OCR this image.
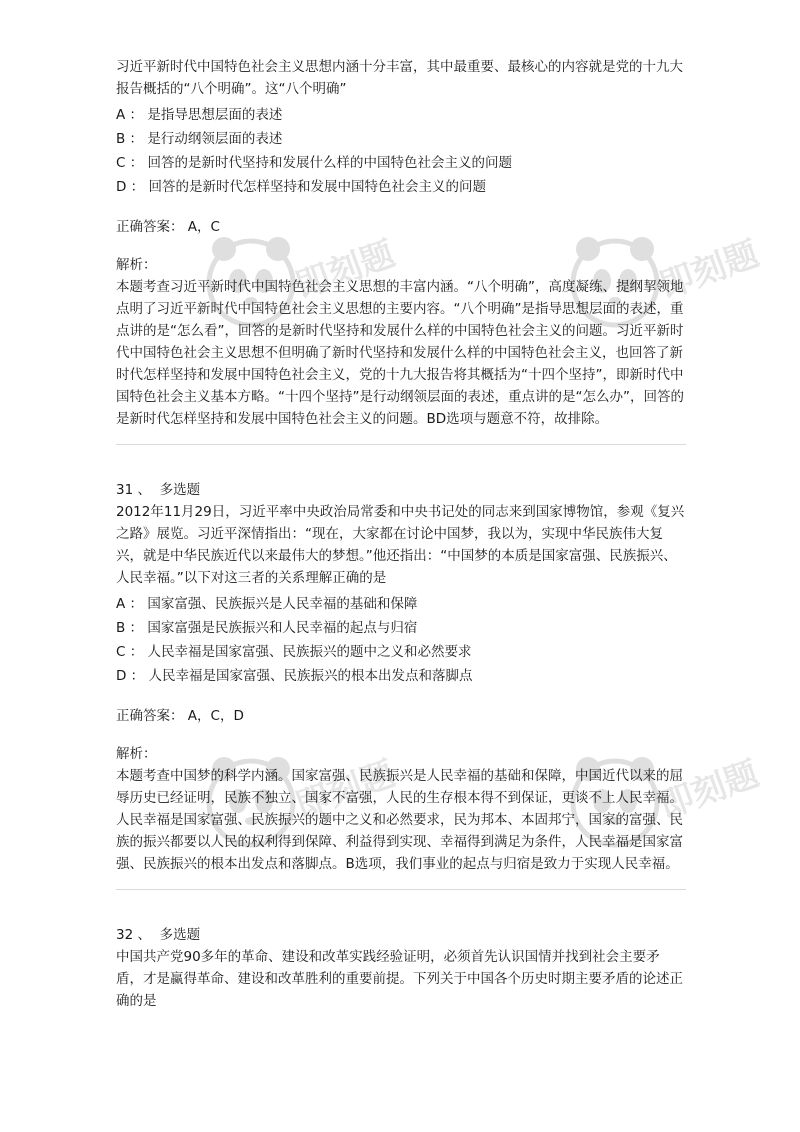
即刻题	即刻题
即刻题	即刻题

习近平新时代中国特色社会主义思想内涵十分丰富，其中最重要、最核心的内容就是党的十九大报告概括的“八个明确”。这“八个明确”

A ： 是指导思想层面的表述

B ： 是行动纲领层面的表述

C ： 回答的是新时代坚持和发展什么样的中国特色社会主义的问题

D ： 回答的是新时代怎样坚持和发展中国特色社会主义的问题

正确答案： A，C
解析：

本题考查习近平新时代中国特色社会主义思想的丰富内涵。“八个明确”，高度凝练、提纲挈领地点明了习近平新时代中国特色社会主义思想的主要内容。“八个明确”是指导思想层面的表述，重点讲的是“怎么看”，回答的是新时代坚持和发展什么样的中国特色社会主义的问题。习近平新时代中国特色社会主义思想不但明确了新时代坚持和发展什么样的中国特色社会主义，也回答了新时代怎样坚持和发展中国特色社会主义，党的十九大报告将其概括为“十四个坚持”，即新时代中国特色社会主义基本方略。“十四个坚持”是行动纲领层面的表述，重点讲的是“怎么办”，回答的是新时代怎样坚持和发展中国特色社会主义的问题。BD选项与题意不符，故排除。

31 、 多选题

2012年11月29日，习近平率中央政治局常委和中央书记处的同志来到国家博物馆，参观《复兴之路》展览。习近平深情指出：“现在，大家都在讨论中国梦，我以为，实现中华民族伟大复兴，就是中华民族近代以来最伟大的梦想。”他还指出：“中国梦的本质是国家富强、民族振兴、人民幸福。”以下对这三者的关系理解正确的是

A ： 国家富强、民族振兴是人民幸福的基础和保障

B ： 国家富强是民族振兴和人民幸福的起点与归宿

C ： 人民幸福是国家富强、民族振兴的题中之义和必然要求

D ： 人民幸福是国家富强、民族振兴的根本出发点和落脚点

正确答案： A，C，D
解析：

本题考查中国梦的科学内涵。国家富强、民族振兴是人民幸福的基础和保障，中国近代以来的屈辱历史已经证明，民族不独立、国家不富强，人民的生存根本得不到保证，更谈不上人民幸福。人民幸福是国家富强、民族振兴的题中之义和必然要求，民为邦本、本固邦宁，国家的富强、民族的振兴都要以人民的权利得到保障、利益得到实现、幸福得到满足为条件，人民幸福是国家富强、民族振兴的根本出发点和落脚点。B选项，我们事业的起点与归宿是致力于实现人民幸福。

32 、 多选题

中国共产党90多年的革命、建设和改革实践经验证明，必须首先认识国情并找到社会主要矛盾，才是赢得革命、建设和改革胜利的重要前提。下列关于中国各个历史时期主要矛盾的论述正确的是
